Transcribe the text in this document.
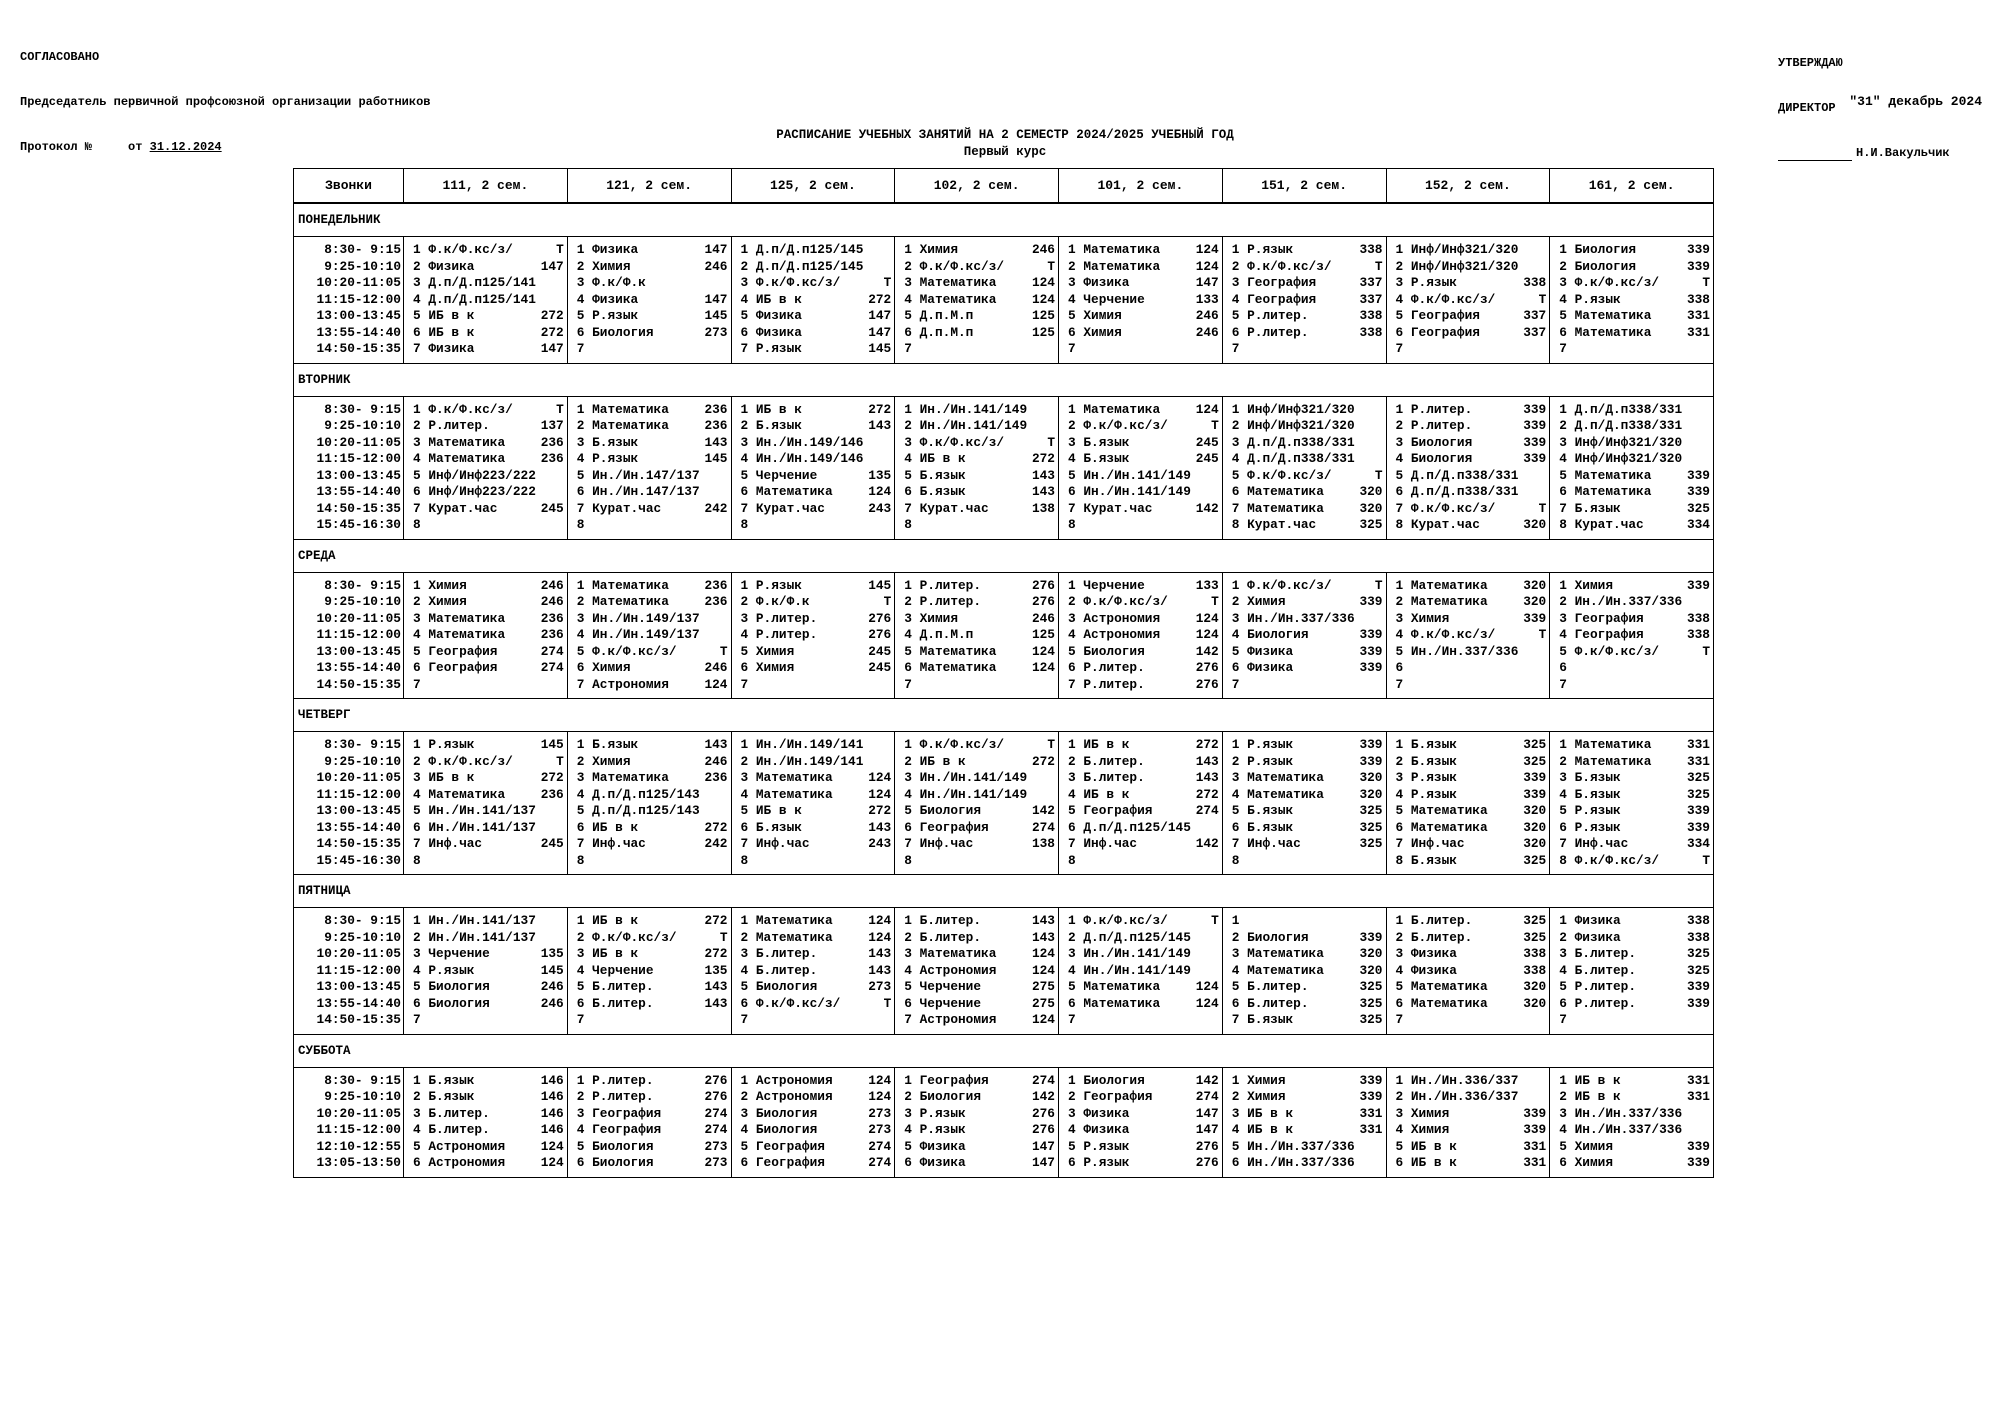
СОГЛАСОВАНО

Председатель первичной профсоюзной организации работников

Протокол №     от 31.12.2024

УТВЕРЖДАЮ

ДИРЕКТОР

Н.И.Вакульчик

"31" декабрь 2024
РАСПИСАНИЕ УЧЕБНЫХ ЗАНЯТИЙ НА 2 СЕМЕСТР 2024/2025 УЧЕБНЫЙ ГОД
Первый курс
Звонки	111, 2 сем.	121, 2 сем.	125, 2 сем.	102, 2 сем.	101, 2 сем.	151, 2 сем.	152, 2 сем.	161, 2 сем.
ПОНЕДЕЛЬНИК								

8:30- 9:15	1 Ф.к/Ф.кс/з/ Т	1 Физика 147	1 Д.п/Д.п125/145	1 Химия 246	1 Математика 124	1 Р.язык 338	1 Инф/Инф321/320	1 Биология 339

9:25-10:10	2 Физика 147	2 Химия 246	2 Д.п/Д.п125/145	2 Ф.к/Ф.кс/з/ Т	2 Математика 124	2 Ф.к/Ф.кс/з/ Т	2 Инф/Инф321/320	2 Биология 339

10:20-11:05	3 Д.п/Д.п125/141	3 Ф.к/Ф.к	3 Ф.к/Ф.кс/з/ Т	3 Математика 124	3 Физика 147	3 География 337	3 Р.язык 338	3 Ф.к/Ф.кс/з/ Т

11:15-12:00	4 Д.п/Д.п125/141	4 Физика 147	4 ИБ в к 272	4 Математика 124	4 Черчение 133	4 География 337	4 Ф.к/Ф.кс/з/ Т	4 Р.язык 338

13:00-13:45	5 ИБ в к 272	5 Р.язык 145	5 Физика 147	5 Д.п.М.п 125	5 Химия 246	5 Р.литер. 338	5 География 337	5 Математика 331

13:55-14:40	6 ИБ в к 272	6 Биология 273	6 Физика 147	6 Д.п.М.п 125	6 Химия 246	6 Р.литер. 338	6 География 337	6 Математика 331

14:50-15:35	7 Физика 147	7	7 Р.язык 145	7	7	7	7	7

ВТОРНИК								

8:30- 9:15	1 Ф.к/Ф.кс/з/ Т	1 Математика 236	1 ИБ в к 272	1 Ин./Ин.141/149	1 Математика 124	1 Инф/Инф321/320	1 Р.литер. 339	1 Д.п/Д.п338/331

9:25-10:10	2 Р.литер. 137	2 Математика 236	2 Б.язык 143	2 Ин./Ин.141/149	2 Ф.к/Ф.кс/з/ Т	2 Инф/Инф321/320	2 Р.литер. 339	2 Д.п/Д.п338/331

10:20-11:05	3 Математика 236	3 Б.язык 143	3 Ин./Ин.149/146	3 Ф.к/Ф.кс/з/ Т	3 Б.язык 245	3 Д.п/Д.п338/331	3 Биология 339	3 Инф/Инф321/320

11:15-12:00	4 Математика 236	4 Р.язык 145	4 Ин./Ин.149/146	4 ИБ в к 272	4 Б.язык 245	4 Д.п/Д.п338/331	4 Биология 339	4 Инф/Инф321/320

13:00-13:45	5 Инф/Инф223/222	5 Ин./Ин.147/137	5 Черчение 135	5 Б.язык 143	5 Ин./Ин.141/149	5 Ф.к/Ф.кс/з/ Т	5 Д.п/Д.п338/331	5 Математика 339

13:55-14:40	6 Инф/Инф223/222	6 Ин./Ин.147/137	6 Математика 124	6 Б.язык 143	6 Ин./Ин.141/149	6 Математика 320	6 Д.п/Д.п338/331	6 Математика 339

14:50-15:35	7 Курат.час 245	7 Курат.час 242	7 Курат.час 243	7 Курат.час 138	7 Курат.час 142	7 Математика 320	7 Ф.к/Ф.кс/з/ Т	7 Б.язык 325

15:45-16:30	8	8	8	8	8	8 Курат.час 325	8 Курат.час 320	8 Курат.час 334

СРЕДА								

8:30- 9:15	1 Химия 246	1 Математика 236	1 Р.язык 145	1 Р.литер. 276	1 Черчение 133	1 Ф.к/Ф.кс/з/ Т	1 Математика 320	1 Химия 339

9:25-10:10	2 Химия 246	2 Математика 236	2 Ф.к/Ф.к Т	2 Р.литер. 276	2 Ф.к/Ф.кс/з/ Т	2 Химия 339	2 Математика 320	2 Ин./Ин.337/336

10:20-11:05	3 Математика 236	3 Ин./Ин.149/137	3 Р.литер. 276	3 Химия 246	3 Астрономия 124	3 Ин./Ин.337/336	3 Химия 339	3 География 338

11:15-12:00	4 Математика 236	4 Ин./Ин.149/137	4 Р.литер. 276	4 Д.п.М.п 125	4 Астрономия 124	4 Биология 339	4 Ф.к/Ф.кс/з/ Т	4 География 338

13:00-13:45	5 География 274	5 Ф.к/Ф.кс/з/ Т	5 Химия 245	5 Математика 124	5 Биология 142	5 Физика 339	5 Ин./Ин.337/336	5 Ф.к/Ф.кс/з/ Т

13:55-14:40	6 География 274	6 Химия 246	6 Химия 245	6 Математика 124	6 Р.литер. 276	6 Физика 339	6	6

14:50-15:35	7	7 Астрономия 124	7	7	7 Р.литер. 276	7	7	7

ЧЕТВЕРГ								

8:30- 9:15	1 Р.язык 145	1 Б.язык 143	1 Ин./Ин.149/141	1 Ф.к/Ф.кс/з/ Т	1 ИБ в к 272	1 Р.язык 339	1 Б.язык 325	1 Математика 331

9:25-10:10	2 Ф.к/Ф.кс/з/ Т	2 Химия 246	2 Ин./Ин.149/141	2 ИБ в к 272	2 Б.литер. 143	2 Р.язык 339	2 Б.язык 325	2 Математика 331

10:20-11:05	3 ИБ в к 272	3 Математика 236	3 Математика 124	3 Ин./Ин.141/149	3 Б.литер. 143	3 Математика 320	3 Р.язык 339	3 Б.язык 325

11:15-12:00	4 Математика 236	4 Д.п/Д.п125/143	4 Математика 124	4 Ин./Ин.141/149	4 ИБ в к 272	4 Математика 320	4 Р.язык 339	4 Б.язык 325

13:00-13:45	5 Ин./Ин.141/137	5 Д.п/Д.п125/143	5 ИБ в к 272	5 Биология 142	5 География 274	5 Б.язык 325	5 Математика 320	5 Р.язык 339

13:55-14:40	6 Ин./Ин.141/137	6 ИБ в к 272	6 Б.язык 143	6 География 274	6 Д.п/Д.п125/145	6 Б.язык 325	6 Математика 320	6 Р.язык 339

14:50-15:35	7 Инф.час 245	7 Инф.час 242	7 Инф.час 243	7 Инф.час 138	7 Инф.час 142	7 Инф.час 325	7 Инф.час 320	7 Инф.час 334

15:45-16:30	8	8	8	8	8	8	8 Б.язык 325	8 Ф.к/Ф.кс/з/ Т

ПЯТНИЦА								

8:30- 9:15	1 Ин./Ин.141/137	1 ИБ в к 272	1 Математика 124	1 Б.литер. 143	1 Ф.к/Ф.кс/з/ Т	1	1 Б.литер. 325	1 Физика 338

9:25-10:10	2 Ин./Ин.141/137	2 Ф.к/Ф.кс/з/ Т	2 Математика 124	2 Б.литер. 143	2 Д.п/Д.п125/145	2 Биология 339	2 Б.литер. 325	2 Физика 338

10:20-11:05	3 Черчение 135	3 ИБ в к 272	3 Б.литер. 143	3 Математика 124	3 Ин./Ин.141/149	3 Математика 320	3 Физика 338	3 Б.литер. 325

11:15-12:00	4 Р.язык 145	4 Черчение 135	4 Б.литер. 143	4 Астрономия 124	4 Ин./Ин.141/149	4 Математика 320	4 Физика 338	4 Б.литер. 325

13:00-13:45	5 Биология 246	5 Б.литер. 143	5 Биология 273	5 Черчение 275	5 Математика 124	5 Б.литер. 325	5 Математика 320	5 Р.литер. 339

13:55-14:40	6 Биология 246	6 Б.литер. 143	6 Ф.к/Ф.кс/з/ Т	6 Черчение 275	6 Математика 124	6 Б.литер. 325	6 Математика 320	6 Р.литер. 339

14:50-15:35	7	7	7	7 Астрономия 124	7	7 Б.язык 325	7	7

СУББОТА								

8:30- 9:15	1 Б.язык 146	1 Р.литер. 276	1 Астрономия 124	1 География 274	1 Биология 142	1 Химия 339	1 Ин./Ин.336/337	1 ИБ в к 331

9:25-10:10	2 Б.язык 146	2 Р.литер. 276	2 Астрономия 124	2 Биология 142	2 География 274	2 Химия 339	2 Ин./Ин.336/337	2 ИБ в к 331

10:20-11:05	3 Б.литер. 146	3 География 274	3 Биология 273	3 Р.язык 276	3 Физика 147	3 ИБ в к 331	3 Химия 339	3 Ин./Ин.337/336

11:15-12:00	4 Б.литер. 146	4 География 274	4 Биология 273	4 Р.язык 276	4 Физика 147	4 ИБ в к 331	4 Химия 339	4 Ин./Ин.337/336

12:10-12:55	5 Астрономия 124	5 Биология 273	5 География 274	5 Физика 147	5 Р.язык 276	5 Ин./Ин.337/336	5 ИБ в к 331	5 Химия 339

13:05-13:50	6 Астрономия 124	6 Биология 273	6 География 274	6 Физика 147	6 Р.язык 276	6 Ин./Ин.337/336	6 ИБ в к 331	6 Химия 339
